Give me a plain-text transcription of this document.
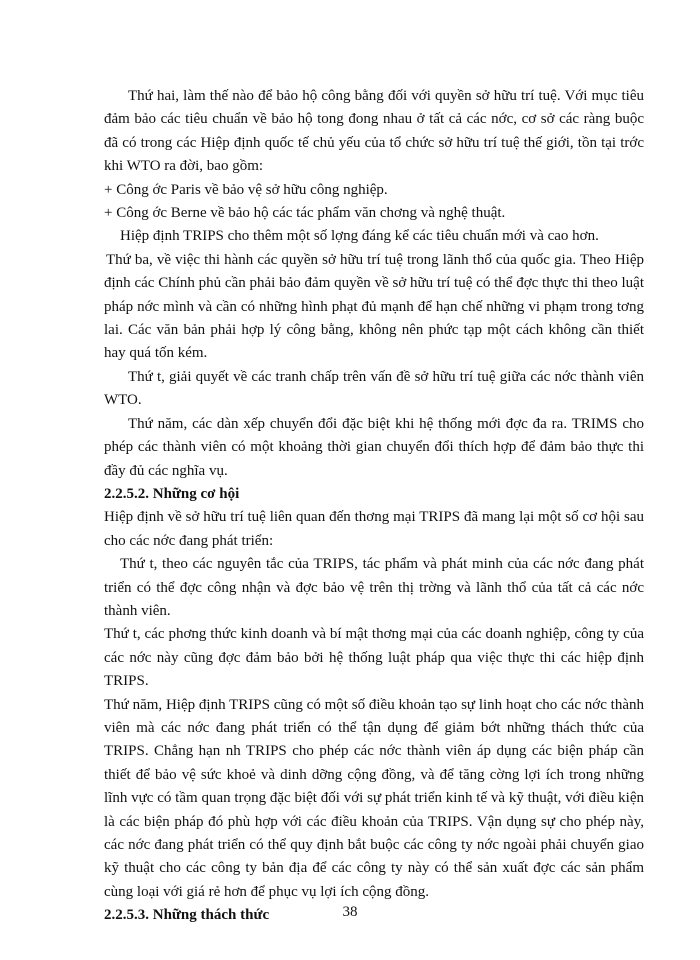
Thứ hai, làm thế nào để bảo hộ công bằng đối với quyền sở hữu trí tuệ. Với mục tiêu đảm bảo các tiêu chuẩn về bảo hộ tong đong nhau ở tất cả các nớc, cơ sở các ràng buộc đã có trong các Hiệp định quốc tế chủ yếu của tổ chức sở hữu trí tuệ thế giới, tồn tại trớc khi WTO ra đời, bao gồm:

+ Công ớc Paris về bảo vệ sở hữu công nghiệp.

+ Công ớc Berne về bảo hộ các tác phẩm văn chơng và nghệ thuật.

Hiệp định TRIPS cho thêm một số lợng đáng kể các tiêu chuẩn mới và cao hơn.

Thứ ba, về việc thi hành các quyền sở hữu trí tuệ trong lãnh thổ của quốc gia. Theo Hiệp định các Chính phủ cần phải bảo đảm quyền về sở hữu trí tuệ có thể đợc thực thi theo luật pháp nớc mình và cần có những hình phạt đủ mạnh để hạn chế những vi phạm trong tơng lai. Các văn bản phải hợp lý công bằng, không nên phức tạp một cách không cần thiết hay quá tốn kém.

Thứ t, giải quyết về các tranh chấp trên vấn đề sở hữu trí tuệ giữa các nớc thành viên WTO.

Thứ năm, các dàn xếp chuyển đổi đặc biệt khi hệ thống mới đợc đa ra. TRIMS cho phép các thành viên có một khoảng thời gian chuyển đổi thích hợp để đảm bảo thực thi đầy đủ các nghĩa vụ.

2.2.5.2. Những cơ hội

Hiệp định về sở hữu trí tuệ liên quan đến thơng mại TRIPS đã mang lại một số cơ hội sau cho các nớc đang phát triển:

Thứ t, theo các nguyên tắc của TRIPS, tác phẩm và phát minh của các nớc đang phát triển có thể đợc công nhận và đợc bảo vệ trên thị trờng và lãnh thổ của tất cả các nớc thành viên.

Thứ t, các phơng thức kinh doanh và bí mật thơng mại của các doanh nghiệp, công ty của các nớc này cũng đợc đảm bảo bởi hệ thống luật pháp qua việc thực thi các hiệp định TRIPS.

Thứ năm, Hiệp định TRIPS cũng có một số điều khoản tạo sự linh hoạt cho các nớc thành viên mà các nớc đang phát triển có thể tận dụng để giảm bớt những thách thức của TRIPS. Chẳng hạn nh TRIPS cho phép các nớc thành viên áp dụng các biện pháp cần thiết để bảo vệ sức khoẻ và dinh dỡng cộng đồng, và để tăng cờng lợi ích trong những lĩnh vực có tầm quan trọng đặc biệt đối với sự phát triển kinh tế và kỹ thuật, với điều kiện là các biện pháp đó phù hợp với các điều khoản của TRIPS. Vận dụng sự cho phép này, các nớc đang phát triển có thể quy định bắt buộc các công ty nớc ngoài phải chuyển giao kỹ thuật cho các công ty bản địa để các công ty này có thể sản xuất đợc các sản phẩm cùng loại với giá rẻ hơn để phục vụ lợi ích cộng đồng.

2.2.5.3. Những thách thức	38
